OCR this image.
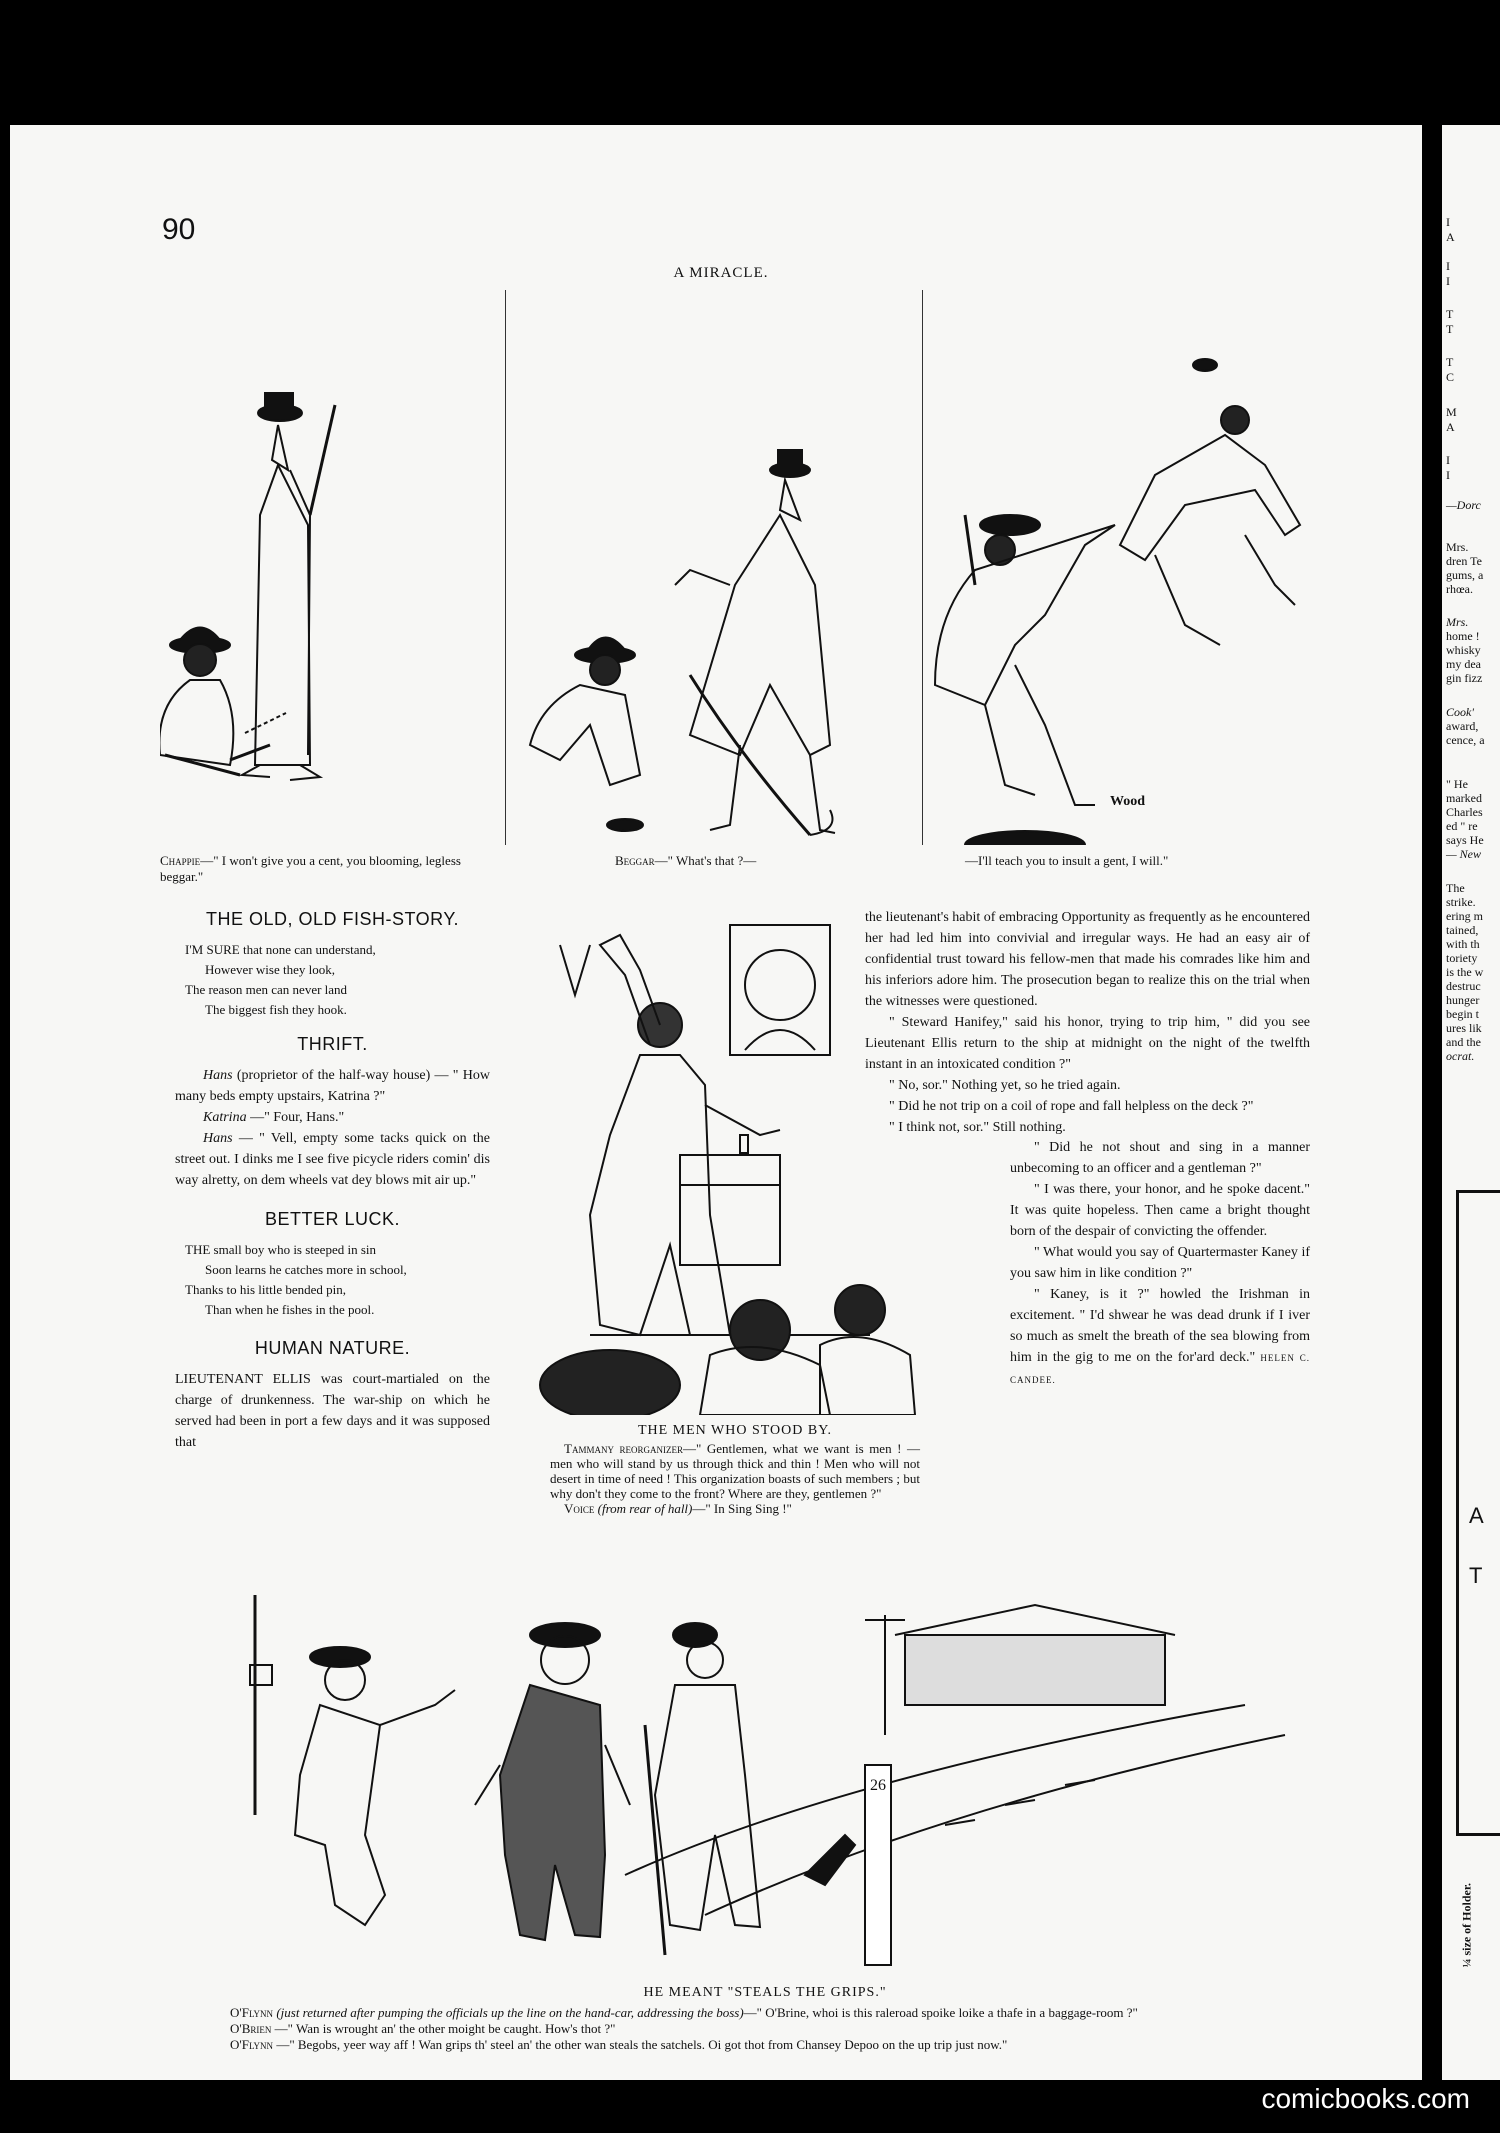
90
A MIRACLE.
Wood
Chappie—" I won't give you a cent, you blooming, legless beggar."
Beggar—" What's that ?—	—I'll teach you to insult a gent, I will."
THE OLD, OLD FISH-STORY.
I'M SURE that none can understand,
However wise they look,
The reason men can never land
The biggest fish they hook.
THRIFT.

Hans (proprietor of the half-way house) — " How many beds empty upstairs, Katrina ?"

Katrina —" Four, Hans."

Hans — " Vell, empty some tacks quick on the street out. I dinks me I see five picycle riders comin' dis way alretty, on dem wheels vat dey blows mit air up."

BETTER LUCK.
THE small boy who is steeped in sin
Soon learns he catches more in school,
Thanks to his little bended pin,
Than when he fishes in the pool.
HUMAN NATURE.

LIEUTENANT ELLIS was court-martialed on the charge of drunkenness. The war-ship on which he served had been in port a few days and it was supposed that

THE MEN WHO STOOD BY.

Tammany reorganizer—" Gentlemen, what we want is men ! — men who will stand by us through thick and thin ! Men who will not desert in time of need ! This organization boasts of such members ; but why don't they come to the front? Where are they, gentlemen ?"

Voice (from rear of hall)—" In Sing Sing !"

the lieutenant's habit of embracing Opportunity as frequently as he encountered her had led him into convivial and irregular ways. He had an easy air of confidential trust toward his fellow-men that made his comrades like him and his inferiors adore him. The prosecution began to realize this on the trial when the witnesses were questioned.

" Steward Hanifey," said his honor, trying to trip him, " did you see Lieutenant Ellis return to the ship at midnight on the night of the twelfth instant in an intoxicated condition ?"

" No, sor." Nothing yet, so he tried again.

" Did he not trip on a coil of rope and fall helpless on the deck ?"

" I think not, sor." Still nothing.

" Did he not shout and sing in a manner unbecoming to an officer and a gentleman ?"

" I was there, your honor, and he spoke dacent." It was quite hopeless. Then came a bright thought born of the despair of convicting the offender.

" What would you say of Quartermaster Kaney if you saw him in like condition ?"

" Kaney, is it ?" howled the Irishman in excitement. " I'd shwear he was dead drunk if I iver so much as smelt the breath of the sea blowing from him in the gig to me on the for'ard deck." HELEN C. CANDEE.

26
HE MEANT "STEALS THE GRIPS."

O'Flynn (just returned after pumping the officials up the line on the hand-car, addressing the boss)—" O'Brine, whoi is this raleroad spoike loike a thafe in a baggage-room ?"

O'Brien —" Wan is wrought an' the other moight be caught. How's thot ?"

O'Flynn —" Begobs, yeer way aff ! Wan grips th' steel an' the other wan steals the satchels. Oi got thot from Chansey Depoo on the up trip just now."

I
A
I
I
T
T
T
C
M
A
I
I
—Dorc
Mrs.
dren Te
gums, a
rhœa.
Mrs.
home !
whisky
my dea
gin fizz
Cook'
award,
cence, a
" He
marked
Charles
ed " re
says He
— New
The
strike.
ering m
tained,
with th
toriety
is the w
destruc
hunger
begin t
ures lik
and the
ocrat.
A
T
¼ size of Holder.
comicbooks.com
